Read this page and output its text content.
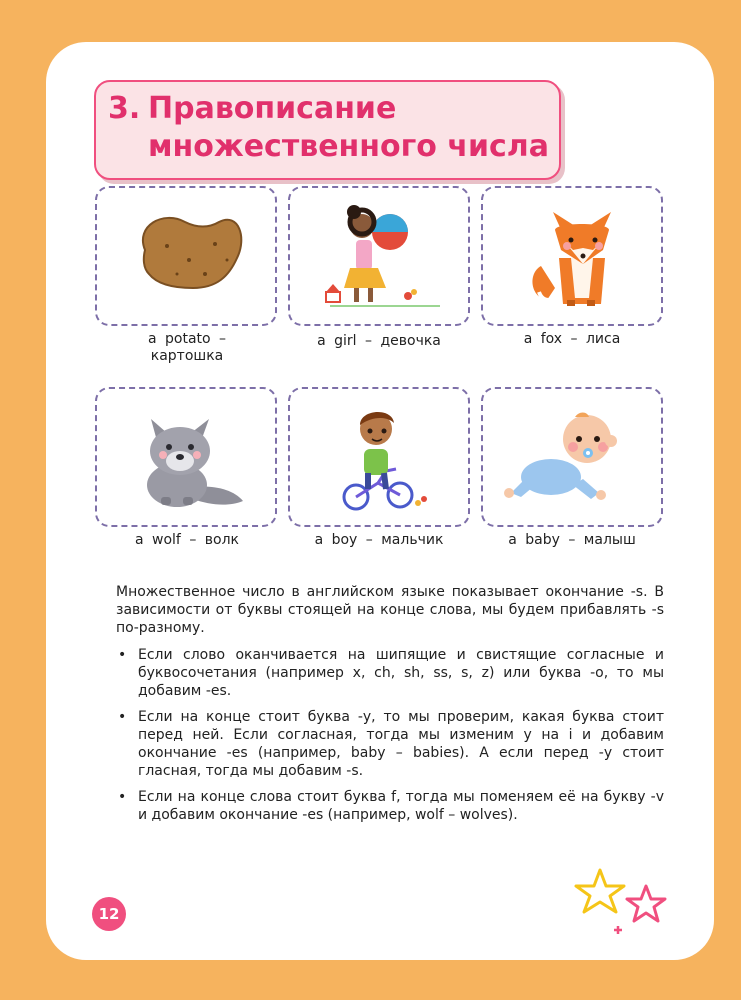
3. Правописание
множественного числа
a potato –
картошка
a girl – девочка	a fox – лиса
a wolf – волк	a boy – мальчик	a baby – малыш
Множественное число в английском языке показывает окончание -s. В зависимости от буквы стоящей на конце слова, мы будем прибавлять -s по-разному.
• Если слово оканчивается на шипящие и свистящие согласные и буквосочетания (например x, ch, sh, ss, s, z) или буква -o, то мы добавим -es.
• Если на конце стоит буква -y, то мы проверим, какая буква стоит перед ней. Если согласная, тогда мы изменим y на i и добавим окончание -es (например, baby – babies). А если перед -y стоит гласная, тогда мы добавим -s.
• Если на конце слова стоит буква f, тогда мы поменяем её на букву -v и добавим окончание -es (например, wolf – wolves).
12
